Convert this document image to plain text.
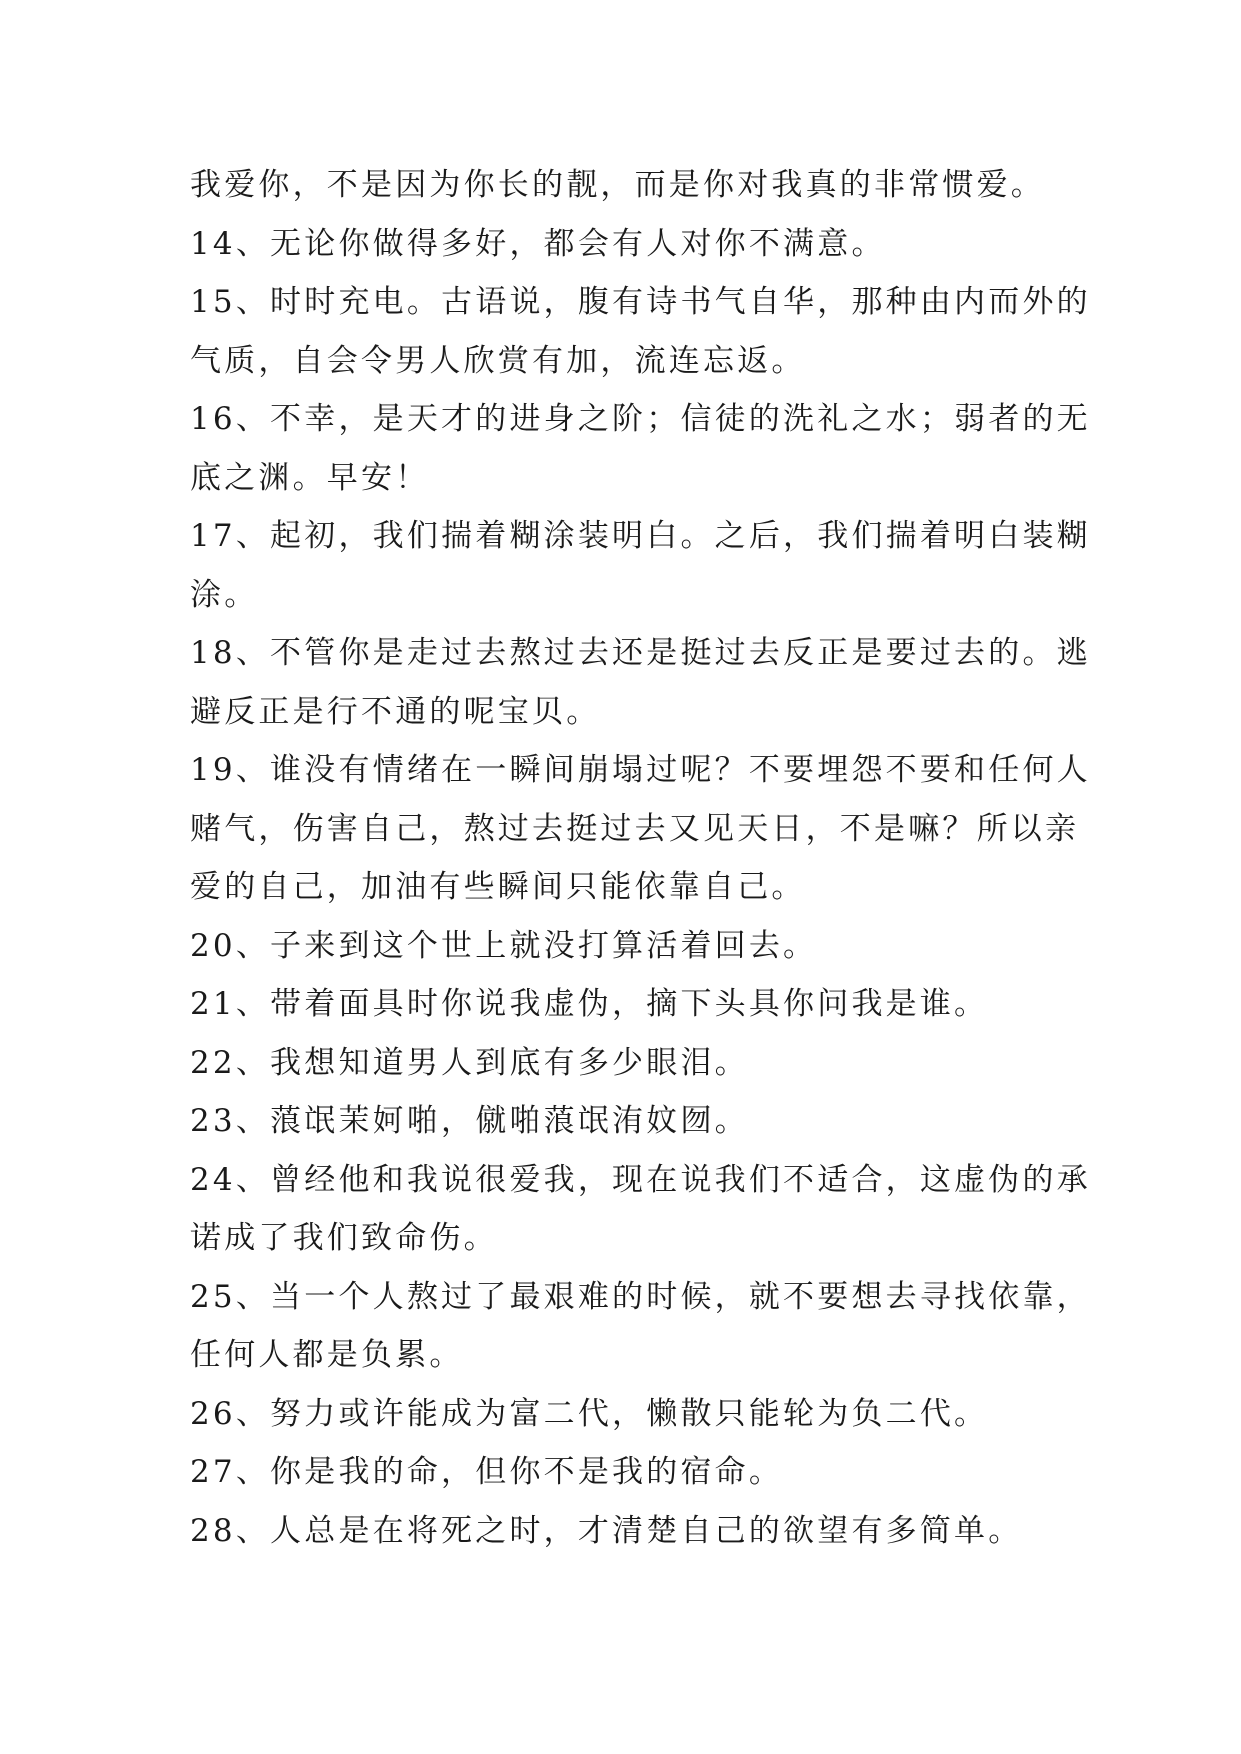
我爱你，不是因为你长的靓，而是你对我真的非常惯爱。
14、无论你做得多好，都会有人对你不满意。
15、时时充电。古语说，腹有诗书气自华，那种由内而外的
气质，自会令男人欣赏有加，流连忘返。
16、不幸，是天才的进身之阶；信徒的洗礼之水；弱者的无
底之渊。早安！
17、起初，我们揣着糊涂装明白。之后，我们揣着明白装糊
涂。
18、不管你是走过去熬过去还是挺过去反正是要过去的。逃
避反正是行不通的呢宝贝。
19、谁没有情绪在一瞬间崩塌过呢？不要埋怨不要和任何人
赌气，伤害自己，熬过去挺过去又见天日，不是嘛？所以亲
爱的自己，加油有些瞬间只能依靠自己。
20、子来到这个世上就没打算活着回去。
21、带着面具时你说我虚伪，摘下头具你问我是谁。
22、我想知道男人到底有多少眼泪。
23、蒗氓茉妸啪，僦啪蒗氓洧妏囫。
24、曾经他和我说很爱我，现在说我们不适合，这虚伪的承
诺成了我们致命伤。
25、当一个人熬过了最艰难的时候，就不要想去寻找依靠，
任何人都是负累。
26、努力或许能成为富二代，懒散只能轮为负二代。
27、你是我的命，但你不是我的宿命。
28、人总是在将死之时，才清楚自己的欲望有多简单。
